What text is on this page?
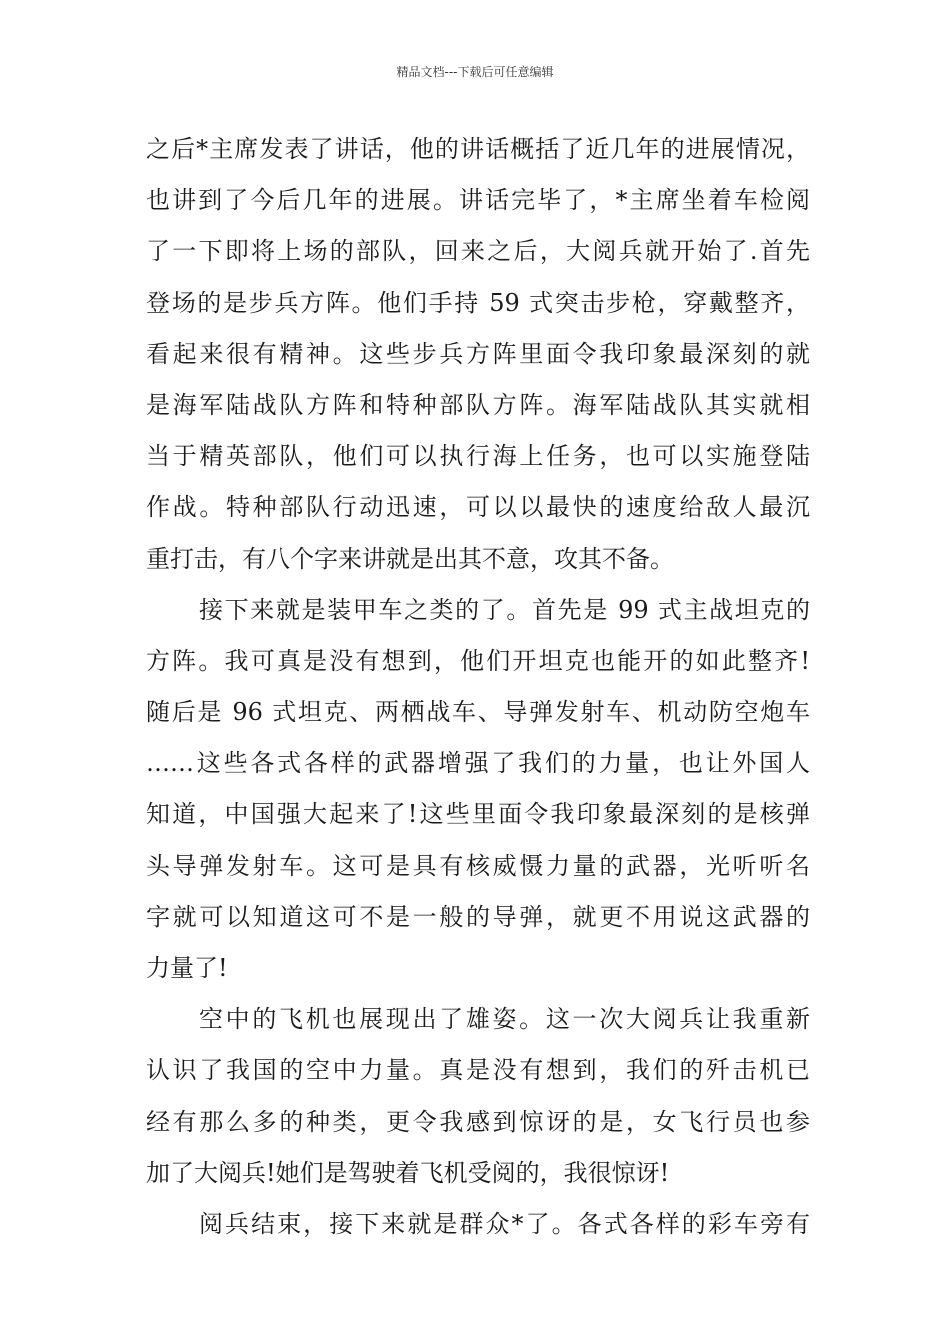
精品文档---下载后可任意编辑
之后*主席发表了讲话，他的讲话概括了近几年的进展情况，
也讲到了今后几年的进展。讲话完毕了，*主席坐着车检阅
了一下即将上场的部队，回来之后，大阅兵就开始了.首先
登场的是步兵方阵。他们手持 59 式突击步枪，穿戴整齐，
看起来很有精神。这些步兵方阵里面令我印象最深刻的就
是海军陆战队方阵和特种部队方阵。海军陆战队其实就相
当于精英部队，他们可以执行海上任务，也可以实施登陆
作战。特种部队行动迅速，可以以最快的速度给敌人最沉
重打击，有八个字来讲就是出其不意，攻其不备。
接下来就是装甲车之类的了。首先是 99 式主战坦克的
方阵。我可真是没有想到，他们开坦克也能开的如此整齐!
随后是 96 式坦克、两栖战车、导弹发射车、机动防空炮车
……这些各式各样的武器增强了我们的力量，也让外国人
知道，中国强大起来了!这些里面令我印象最深刻的是核弹
头导弹发射车。这可是具有核威慑力量的武器，光听听名
字就可以知道这可不是一般的导弹，就更不用说这武器的
力量了!
空中的飞机也展现出了雄姿。这一次大阅兵让我重新
认识了我国的空中力量。真是没有想到，我们的歼击机已
经有那么多的种类，更令我感到惊讶的是，女飞行员也参
加了大阅兵!她们是驾驶着飞机受阅的，我很惊讶!
阅兵结束，接下来就是群众*了。各式各样的彩车旁有
